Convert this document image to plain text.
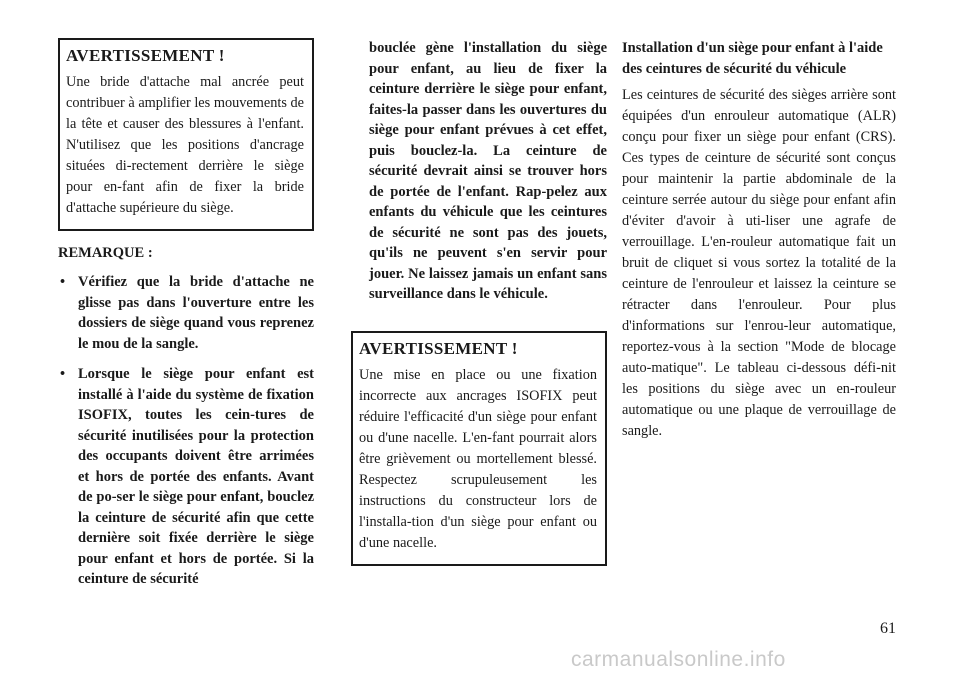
AVERTISSEMENT !

Une bride d'attache mal ancrée peut contribuer à amplifier les mouvements de la tête et causer des blessures à l'enfant. N'utilisez que les positions d'ancrage situées di-rectement derrière le siège pour en-fant afin de fixer la bride d'attache supérieure du siège.

REMARQUE :

• Vérifiez que la bride d'attache ne glisse pas dans l'ouverture entre les dossiers de siège quand vous reprenez le mou de la sangle.

• Lorsque le siège pour enfant est installé à l'aide du système de fixation ISOFIX, toutes les cein-tures de sécurité inutilisées pour la protection des occupants doivent être arrimées et hors de portée des enfants. Avant de po-ser le siège pour enfant, bouclez la ceinture de sécurité afin que cette dernière soit fixée derrière le siège pour enfant et hors de portée. Si la ceinture de sécurité

bouclée gène l'installation du siège pour enfant, au lieu de fixer la ceinture derrière le siège pour enfant, faites-la passer dans les ouvertures du siège pour enfant prévues à cet effet, puis bouclez-la. La ceinture de sécurité devrait ainsi se trouver hors de portée de l'enfant. Rap-pelez aux enfants du véhicule que les ceintures de sécurité ne sont pas des jouets, qu'ils ne peuvent s'en servir pour jouer. Ne laissez jamais un enfant sans surveillance dans le véhicule.

AVERTISSEMENT !

Une mise en place ou une fixation incorrecte aux ancrages ISOFIX peut réduire l'efficacité d'un siège pour enfant ou d'une nacelle. L'en-fant pourrait alors être grièvement ou mortellement blessé. Respectez scrupuleusement les instructions du constructeur lors de l'installa-tion d'un siège pour enfant ou d'une nacelle.

Installation d'un siège pour enfant à l'aide des ceintures de sécurité du véhicule

Les ceintures de sécurité des sièges arrière sont équipées d'un enrouleur automatique (ALR) conçu pour fixer un siège pour enfant (CRS). Ces types de ceinture de sécurité sont conçus pour maintenir la partie abdominale de la ceinture serrée autour du siège pour enfant afin d'éviter d'avoir à uti-liser une agrafe de verrouillage. L'en-rouleur automatique fait un bruit de cliquet si vous sortez la totalité de la ceinture de l'enrouleur et laissez la ceinture se rétracter dans l'enrouleur. Pour plus d'informations sur l'enrou-leur automatique, reportez-vous à la section "Mode de blocage auto-matique". Le tableau ci-dessous défi-nit les positions du siège avec un en-rouleur automatique ou une plaque de verrouillage de sangle.

61
carmanualsonline.info
